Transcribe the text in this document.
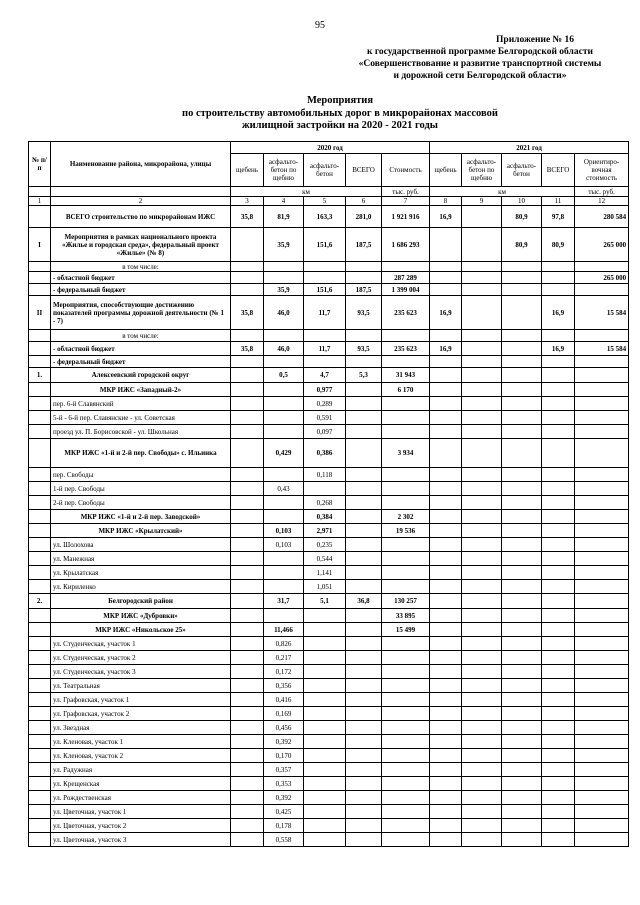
95
Приложение № 16
к государственной программе Белгородской области
«Совершенствование и развитие транспортной системы
и дорожной сети Белгородской области»
Мероприятия
по строительству автомобильных дорог в микрорайонах массовой
жилищной застройки на 2020 - 2021 годы
№ п/п	Наименование района, микрорайона, улицы	2020 год					2021 год				
		щебень	асфальто-бетон по щебню	асфальто-бетон	ВСЕГО	Стоимость	щебень	асфальто-бетон по щебню	асфальто-бетон	ВСЕГО	Ориентиро-вочная стоимость
		км				тыс. руб.	км				тыс. руб.
1	2	3	4	5	6	7	8	9	10	11	12
	ВСЕГО строительство по микрорайонам ИЖС	35,8	81,9	163,3	281,0	1 921 916	16,9		80,9	97,8	280 584
I	Мероприятия в рамках национального проекта «Жилье и городская среда», федеральный проект «Жилье» (№ 8)		35,9	151,6	187,5	1 686 293			80,9	80,9	265 000
	в том числе:										
	- областной бюджет					287 289					265 000
	- федеральный бюджет		35,9	151,6	187,5	1 399 004					
II	Мероприятия, способствующие достижению показателей программы дорожной деятельности (№ 1 - 7)	35,8	46,0	11,7	93,5	235 623	16,9			16,9	15 584
	в том числе:										
	- областной бюджет	35,8	46,0	11,7	93,5	235 623	16,9			16,9	15 584
	- федеральный бюджет										
1.	Алексеевский городской округ		0,5	4,7	5,3	31 943					
	МКР ИЖС «Западный-2»			0,977		6 170					
	пер. 6-й Славянский			0,289							
	5-й - 6-й пер. Славянские - ул. Советская			0,591							
	проезд ул. П. Борисовской - ул. Школьная			0,097							
	МКР ИЖС «1-й и 2-й пер. Свободы» с. Ильинка		0,429	0,386		3 934					
	пер. Свободы			0,118							
	1-й пер. Свободы		0,43								
	2-й пер. Свободы			0,268							
	МКР ИЖС «1-й и 2-й пер. Заводской»			0,384		2 302					
	МКР ИЖС «Крылатский»		0,103	2,971		19 536					
	ул. Шолохова		0,103	0,235							
	ул. Манежная			0,544							
	ул. Крылатская			1,141							
	ул. Кириленко			1,051							
2.	Белгородский район		31,7	5,1	36,8	130 257					
	МКР ИЖС «Дубровки»					33 895					
	МКР ИЖС «Никольское 25»		11,466			15 499					
	ул. Студенческая, участок 1		0,826								
	ул. Студенческая, участок 2		0,217								
	ул. Студенческая, участок 3		0,172								
	ул. Театральная		0,356								
	ул. Графовская, участок 1		0,416								
	ул. Графовская, участок 2		0,169								
	ул. Звездная		0,456								
	ул. Кленовая, участок 1		0,392								
	ул. Кленовая, участок 2		0,170								
	ул. Радужная		0,357								
	ул. Крещенская		0,353								
	ул. Рождественская		0,392								
	ул. Цветочная, участок 1		0,425								
	ул. Цветочная, участок 2		0,178								
	ул. Цветочная, участок 3		0,558								
